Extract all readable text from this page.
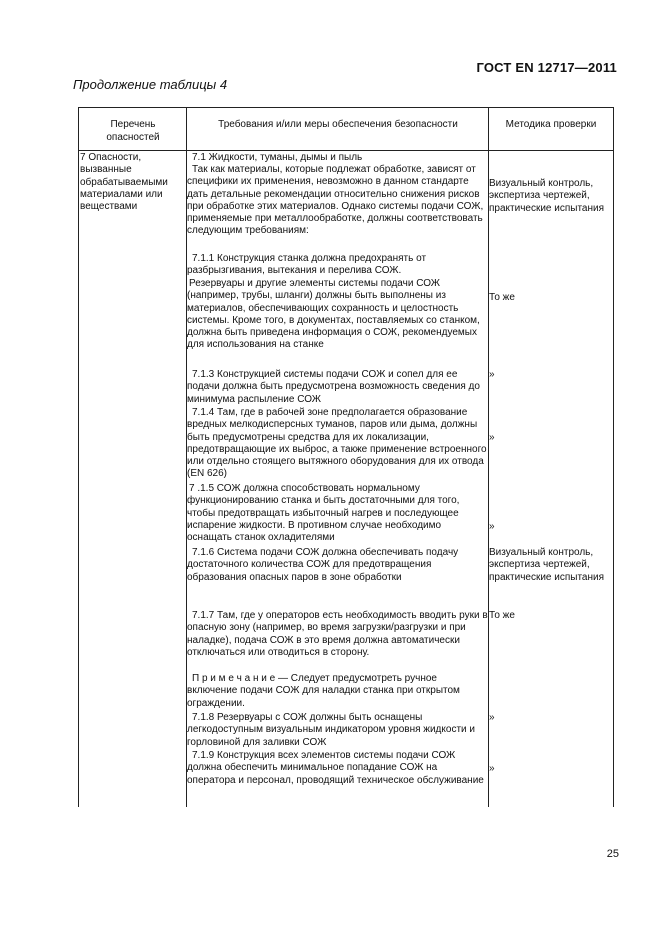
ГОСТ EN 12717—2011
Продолжение таблицы 4
Перечень опасностей
Требования и/или меры обеспечения безопасности	Методика проверки
7 Опасности, вызванные обрабатываемыми материалами или веществами
7.1 Жидкости, туманы, дымы и пыль
Так как материалы, которые подлежат обработке, зависят от специфики их применения, невозможно в данном стандарте дать детальные рекомендации относительно снижения рисков при обработке этих материалов. Однако системы подачи СОЖ, применяемые при металлообработке, должны соответствовать следующим требованиям:
7.1.1 Конструкция станка должна предохранять от разбрызгивания, вытекания и перелива СОЖ.
Резервуары и другие элементы системы подачи СОЖ (например, трубы, шланги) должны быть выполнены из материалов, обеспечивающих сохранность и целостность системы. Кроме того, в документах, поставляемых со станком, должна быть приведена информация о СОЖ, рекомендуемых для использования на станке
7.1.3 Конструкцией системы подачи СОЖ и сопел для ее подачи должна быть предусмотрена возможность сведения до минимума распыление СОЖ
7.1.4 Там, где в рабочей зоне предполагается образование вредных мелкодисперсных туманов, паров или дыма, должны быть предусмотрены средства для их локализации, предотвращающие их выброс, а также применение встроенного или отдельно стоящего вытяжного оборудования для их отвода (EN 626)
7 .1.5 СОЖ должна способствовать нормальному функционированию станка и быть достаточными для того, чтобы предотвращать избыточный нагрев и последующее испарение жидкости. В противном случае необходимо оснащать станок охладителями
7.1.6 Система подачи СОЖ должна обеспечивать подачу достаточного количества СОЖ для предотвращения образования опасных паров в зоне обработки
7.1.7 Там, где у операторов есть необходимость вводить руки в опасную зону (например, во время загрузки/разгрузки и при наладке), подача СОЖ в это время должна автоматически отключаться или отводиться в сторону.
П р и м е ч а н и е — Следует предусмотреть ручное включение подачи СОЖ для наладки станка при открытом ограждении.
7.1.8 Резервуары с СОЖ должны быть оснащены легкодоступным визуальным индикатором уровня жидкости и горловиной для заливки СОЖ
7.1.9 Конструкция всех элементов системы подачи СОЖ должна обеспечить минимальное попадание СОЖ на оператора и персонал, проводящий техническое обслуживание
Визуальный контроль, экспертиза чертежей, практические испытания
То же
»
»
»
Визуальный контроль, экспертиза чертежей, практические испытания
То же
»
»
25
